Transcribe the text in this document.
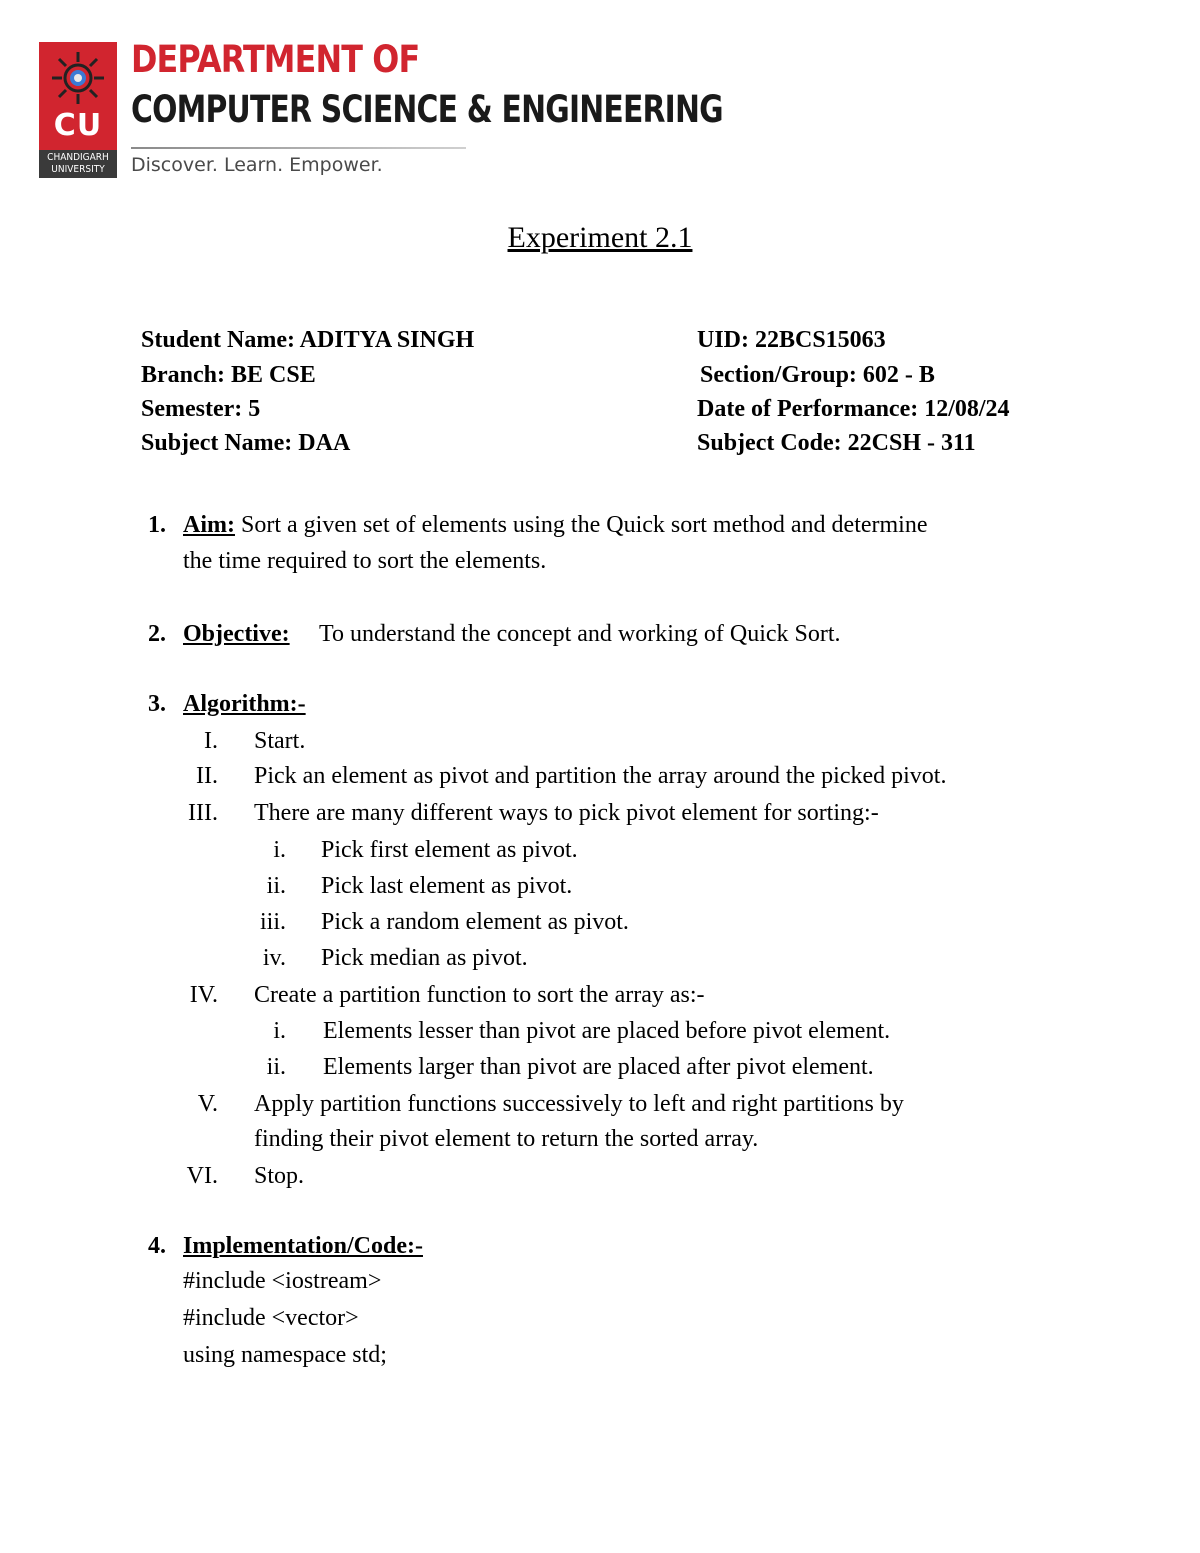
CU
CHANDIGARH
UNIVERSITY
DEPARTMENT OF
COMPUTER SCIENCE & ENGINEERING
Discover. Learn. Empower.
Experiment 2.1
Student Name: ADITYA SINGH	UID: 22BCS15063
Branch: BE CSE	Section/Group: 602 - B
Semester: 5	Date of Performance: 12/08/24
Subject Name: DAA	Subject Code: 22CSH - 311
1. Aim: Sort a given set of elements using the Quick sort method and determine
the time required to sort the elements.
2. Objective: To understand the concept and working of Quick Sort.
3. Algorithm:-
I. Start.
II. Pick an element as pivot and partition the array around the picked pivot.
III. There are many different ways to pick pivot element for sorting:-
i. Pick first element as pivot.
ii. Pick last element as pivot.
iii. Pick a random element as pivot.
iv. Pick median as pivot.
IV. Create a partition function to sort the array as:-
i. Elements lesser than pivot are placed before pivot element.
ii. Elements larger than pivot are placed after pivot element.
V. Apply partition functions successively to left and right partitions by
finding their pivot element to return the sorted array.
VI. Stop.
4. Implementation/Code:-
#include <iostream>
#include <vector>
using namespace std;
